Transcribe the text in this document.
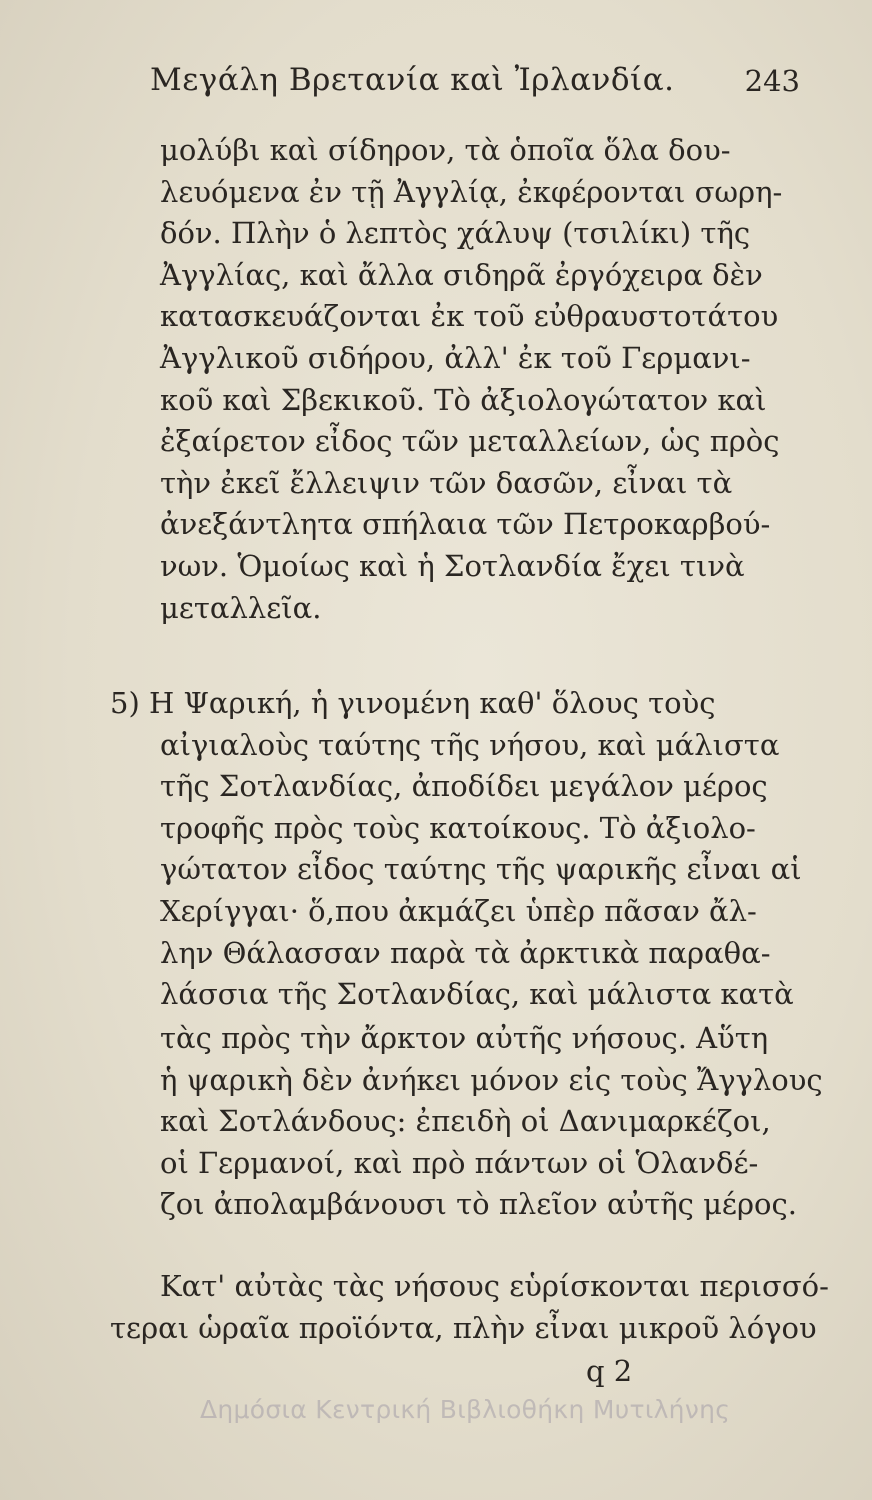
Μεγάλη Βρετανία καὶ Ἰρλανδία. 243
μολύβι καὶ σίδηρον, τὰ ὁποῖα ὅλα δου-
λευόμενα ἐν τῇ Ἀγγλίᾳ, ἐκφέρονται σωρη-
δόν. Πλὴν ὁ λεπτὸς χάλυψ (τσιλίκι) τῆς
Ἀγγλίας, καὶ ἄλλα σιδηρᾶ ἐργόχειρα δὲν
κατασκευάζονται ἐκ τοῦ εὐθραυστοτάτου
Ἀγγλικοῦ σιδήρου, ἀλλ' ἐκ τοῦ Γερμανι-
κοῦ καὶ Σβεκικοῦ. Τὸ ἀξιολογώτατον καὶ
ἐξαίρετον εἶδος τῶν μεταλλείων, ὡς πρὸς
τὴν ἐκεῖ ἔλλειψιν τῶν δασῶν, εἶναι τὰ
ἀνεξάντλητα σπήλαια τῶν Πετροκαρβού-
νων. Ὁμοίως καὶ ἡ Σοτλανδία ἔχει τινὰ
μεταλλεῖα.
5) Η Ψαρική, ἡ γινομένη καθ' ὅλους τοὺς
αἰγιαλοὺς ταύτης τῆς νήσου, καὶ μάλιστα
τῆς Σοτλανδίας, ἀποδίδει μεγάλον μέρος
τροφῆς πρὸς τοὺς κατοίκους. Τὸ ἀξιολο-
γώτατον εἶδος ταύτης τῆς ψαρικῆς εἶναι αἱ
Χερίγγαι· ὅ,που ἀκμάζει ὑπὲρ πᾶσαν ἄλ-
λην Θάλασσαν παρὰ τὰ ἀρκτικὰ παραθα-
λάσσια τῆς Σοτλανδίας, καὶ μάλιστα κατὰ
τὰς πρὸς τὴν ἄρκτον αὐτῆς νήσους. Αὕτη
ἡ ψαρικὴ δὲν ἀνήκει μόνον εἰς τοὺς Ἄγγλους
καὶ Σοτλάνδους: ἐπειδὴ οἱ Δανιμαρκέζοι,
οἱ Γερμανοί, καὶ πρὸ πάντων οἱ Ὁλανδέ-
ζοι ἀπολαμβάνουσι τὸ πλεῖον αὐτῆς μέρος.
Κατ' αὐτὰς τὰς νήσους εὑρίσκονται περισσό-
τεραι ὡραῖα προϊόντα, πλὴν εἶναι μικροῦ λόγου
q 2
Δημόσια Κεντρική Βιβλιοθήκη Μυτιλήνης
